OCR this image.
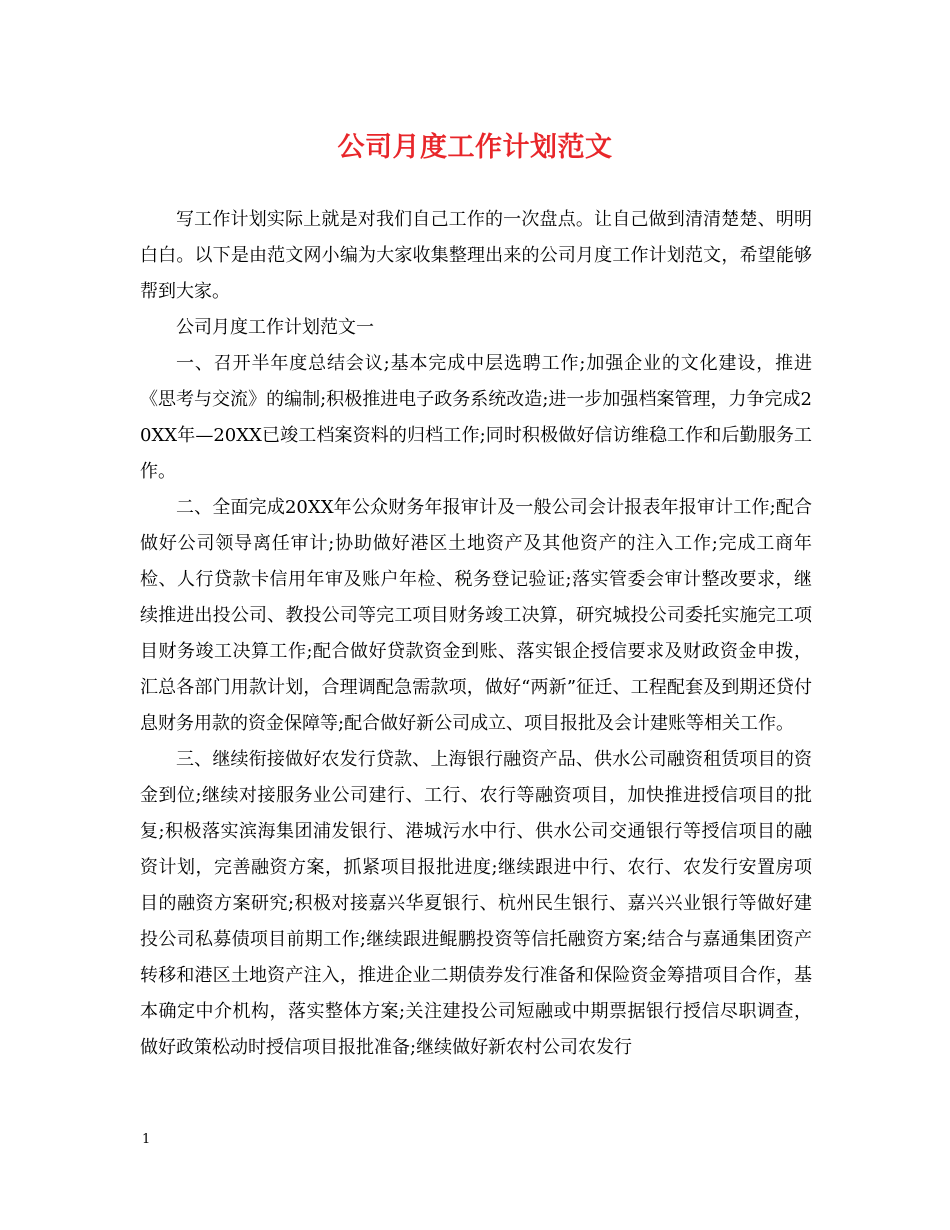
公司月度工作计划范文

写工作计划实际上就是对我们自己工作的一次盘点。让自己做到清清楚楚、明明白白。以下是由范文网小编为大家收集整理出来的公司月度工作计划范文，希望能够帮到大家。

公司月度工作计划范文一

一、召开半年度总结会议;基本完成中层选聘工作;加强企业的文化建设，推进《思考与交流》的编制;积极推进电子政务系统改造;进一步加强档案管理，力争完成20XX年—20XX已竣工档案资料的归档工作;同时积极做好信访维稳工作和后勤服务工作。

二、全面完成20XX年公众财务年报审计及一般公司会计报表年报审计工作;配合做好公司领导离任审计;协助做好港区土地资产及其他资产的注入工作;完成工商年检、人行贷款卡信用年审及账户年检、税务登记验证;落实管委会审计整改要求，继续推进出投公司、教投公司等完工项目财务竣工决算，研究城投公司委托实施完工项目财务竣工决算工作;配合做好贷款资金到账、落实银企授信要求及财政资金申拨，汇总各部门用款计划，合理调配急需款项，做好“两新”征迁、工程配套及到期还贷付息财务用款的资金保障等;配合做好新公司成立、项目报批及会计建账等相关工作。

三、继续衔接做好农发行贷款、上海银行融资产品、供水公司融资租赁项目的资金到位;继续对接服务业公司建行、工行、农行等融资项目，加快推进授信项目的批复;积极落实滨海集团浦发银行、港城污水中行、供水公司交通银行等授信项目的融资计划，完善融资方案，抓紧项目报批进度;继续跟进中行、农行、农发行安置房项目的融资方案研究;积极对接嘉兴华夏银行、杭州民生银行、嘉兴兴业银行等做好建投公司私募债项目前期工作;继续跟进鲲鹏投资等信托融资方案;结合与嘉通集团资产转移和港区土地资产注入，推进企业二期债券发行准备和保险资金筹措项目合作，基本确定中介机构，落实整体方案;关注建投公司短融或中期票据银行授信尽职调查，做好政策松动时授信项目报批准备;继续做好新农村公司农发行

1
